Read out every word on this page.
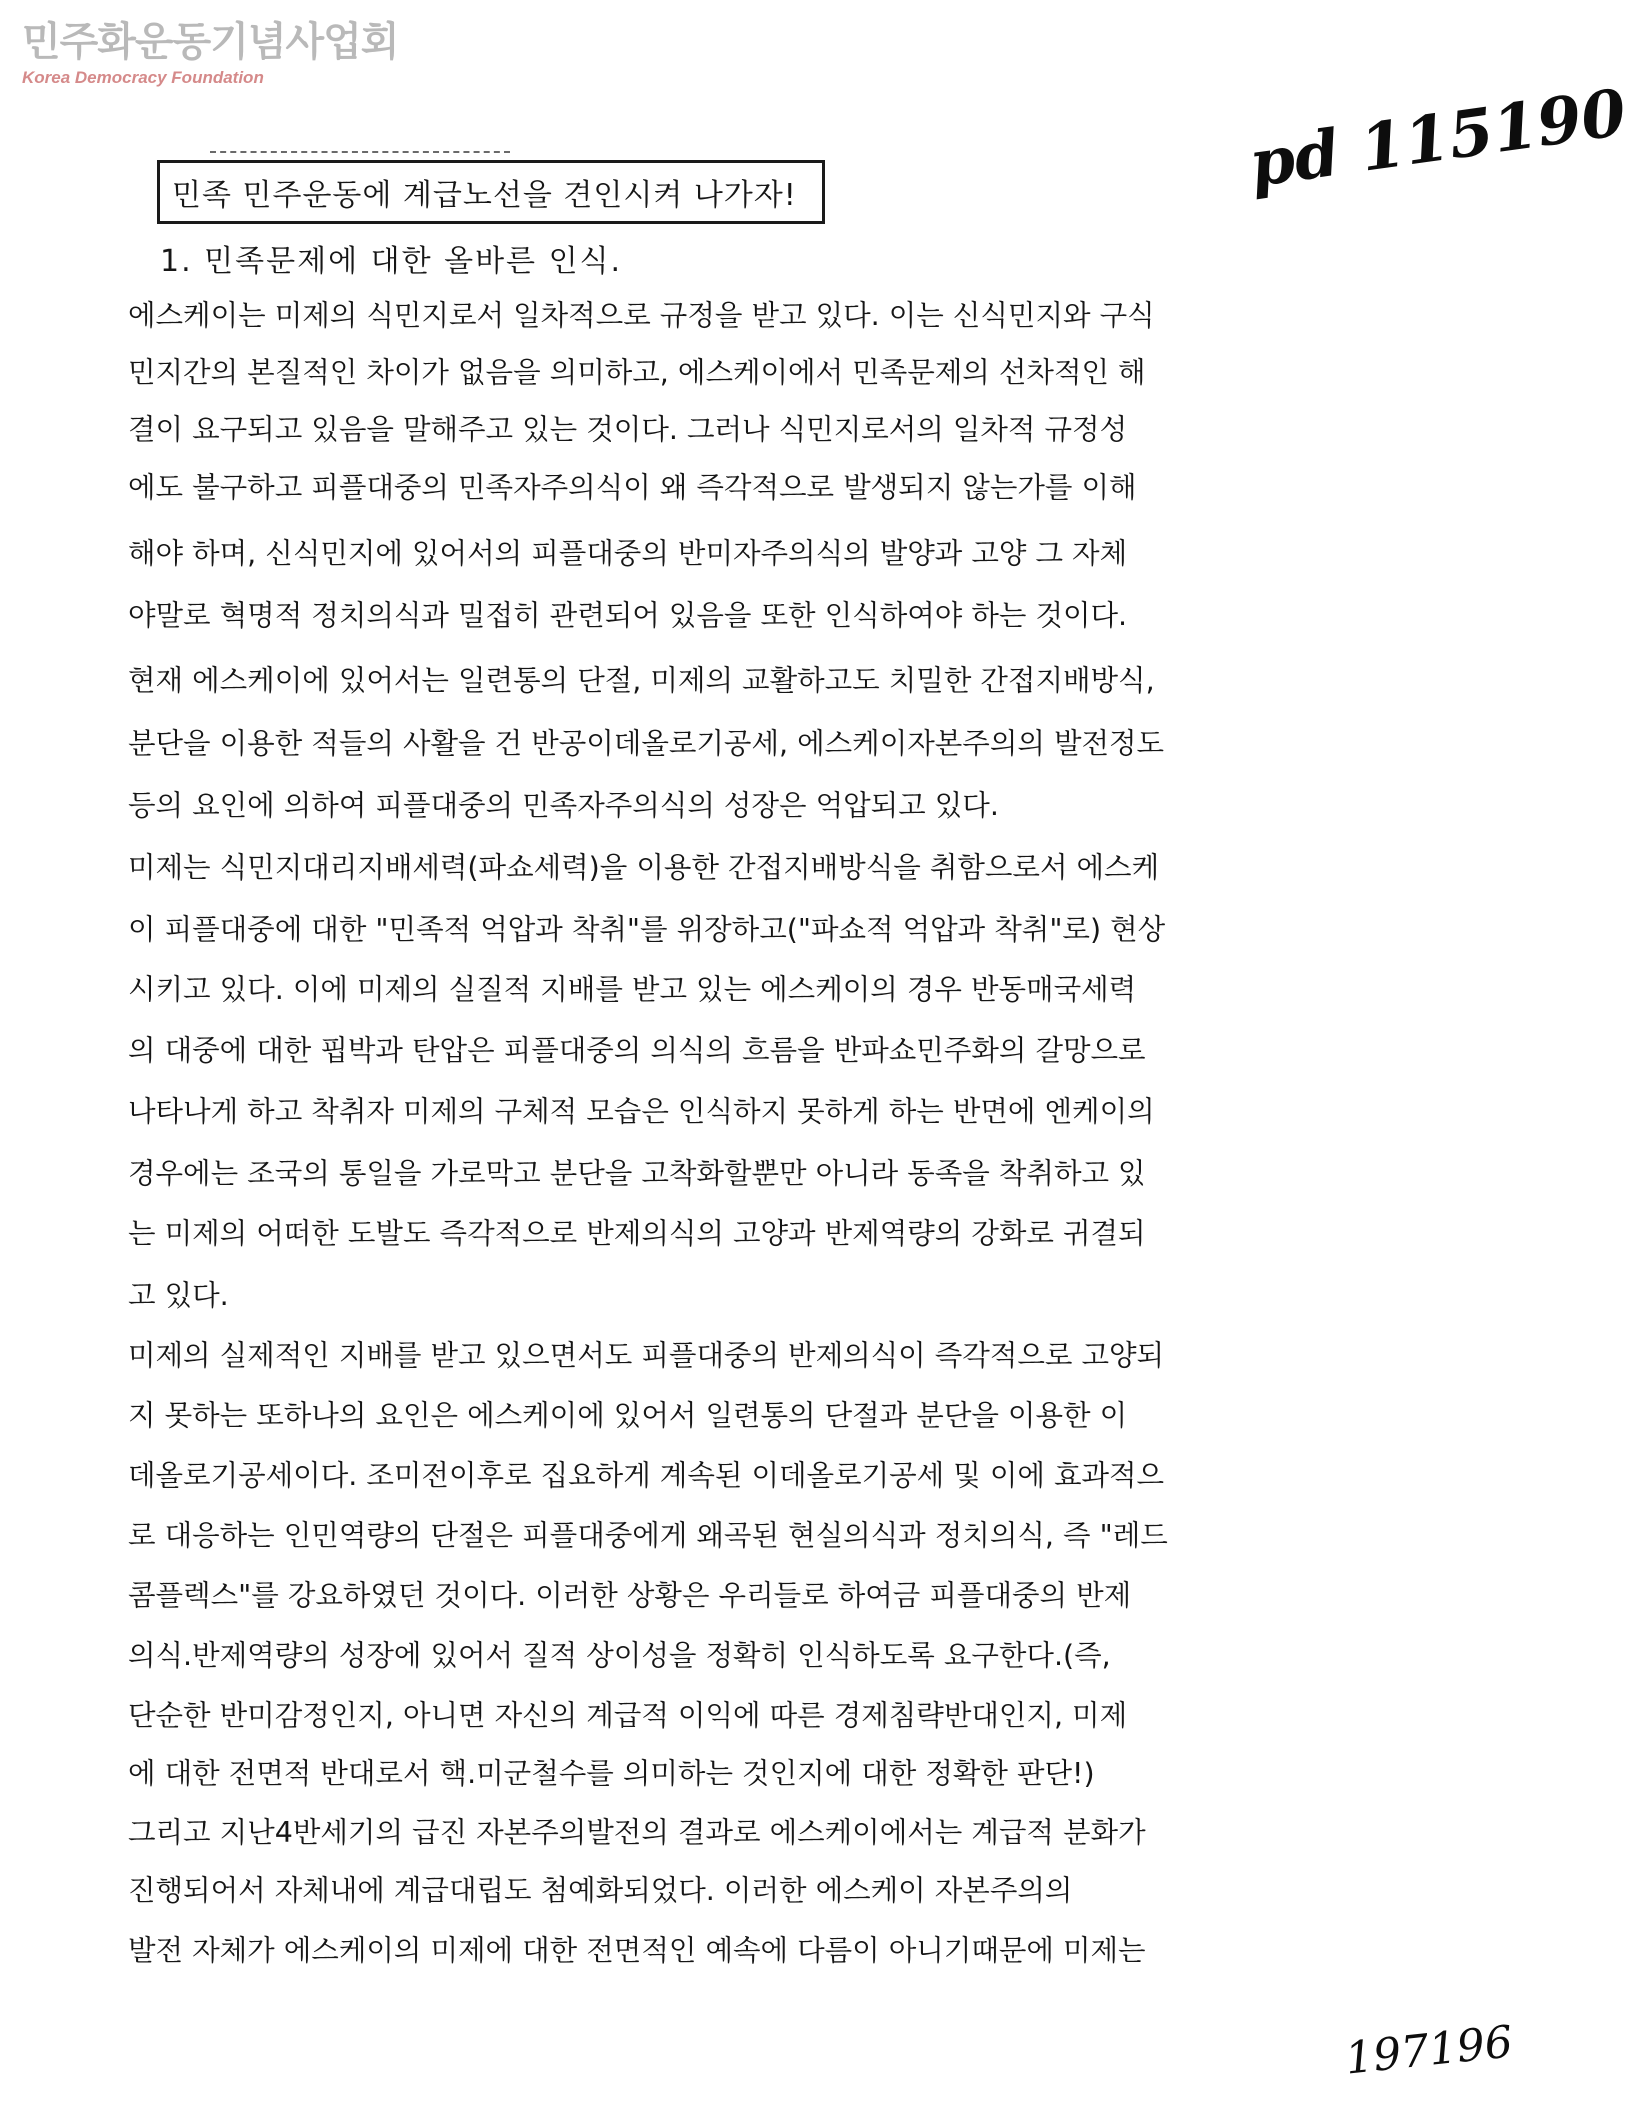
민주화운동기념사업회
Korea Democracy Foundation
민족 민주운동에 계급노선을 견인시켜 나가자!	pd 115190
1. 민족문제에 대한 올바른 인식.
에스케이는 미제의 식민지로서 일차적으로 규정을 받고 있다. 이는 신식민지와 구식
민지간의 본질적인 차이가 없음을 의미하고, 에스케이에서 민족문제의 선차적인 해
결이 요구되고 있음을 말해주고 있는 것이다. 그러나 식민지로서의 일차적 규정성
에도 불구하고 피플대중의 민족자주의식이 왜 즉각적으로 발생되지 않는가를 이해
해야 하며, 신식민지에 있어서의 피플대중의 반미자주의식의 발양과 고양 그 자체
야말로 혁명적 정치의식과 밀접히 관련되어 있음을 또한 인식하여야 하는 것이다.
현재 에스케이에 있어서는 일련통의 단절, 미제의 교활하고도 치밀한 간접지배방식,
분단을 이용한 적들의 사활을 건 반공이데올로기공세, 에스케이자본주의의 발전정도
등의 요인에 의하여 피플대중의 민족자주의식의 성장은 억압되고 있다.
미제는 식민지대리지배세력(파쇼세력)을 이용한 간접지배방식을 취함으로서 에스케
이 피플대중에 대한 "민족적 억압과 착취"를 위장하고("파쇼적 억압과 착취"로) 현상
시키고 있다. 이에 미제의 실질적 지배를 받고 있는 에스케이의 경우 반동매국세력
의 대중에 대한 핍박과 탄압은 피플대중의 의식의 흐름을 반파쇼민주화의 갈망으로
나타나게 하고 착취자 미제의 구체적 모습은 인식하지 못하게 하는 반면에 엔케이의
경우에는 조국의 통일을 가로막고 분단을 고착화할뿐만 아니라 동족을 착취하고 있
는 미제의 어떠한 도발도 즉각적으로 반제의식의 고양과 반제역량의 강화로 귀결되
고 있다.
미제의 실제적인 지배를 받고 있으면서도 피플대중의 반제의식이 즉각적으로 고양되
지 못하는 또하나의 요인은 에스케이에 있어서 일련통의 단절과 분단을 이용한 이
데올로기공세이다. 조미전이후로 집요하게 계속된 이데올로기공세 및 이에 효과적으
로 대응하는 인민역량의 단절은 피플대중에게 왜곡된 현실의식과 정치의식, 즉 "레드
콤플렉스"를 강요하였던 것이다. 이러한 상황은 우리들로 하여금 피플대중의 반제
의식.반제역량의 성장에 있어서 질적 상이성을 정확히 인식하도록 요구한다.(즉,
단순한 반미감정인지, 아니면 자신의 계급적 이익에 따른 경제침략반대인지, 미제
에 대한 전면적 반대로서 핵.미군철수를 의미하는 것인지에 대한 정확한 판단!)
그리고 지난4반세기의 급진 자본주의발전의 결과로 에스케이에서는 계급적 분화가
진행되어서 자체내에 계급대립도 첨예화되었다. 이러한 에스케이 자본주의의
발전 자체가 에스케이의 미제에 대한 전면적인 예속에 다름이 아니기때문에 미제는
197196
